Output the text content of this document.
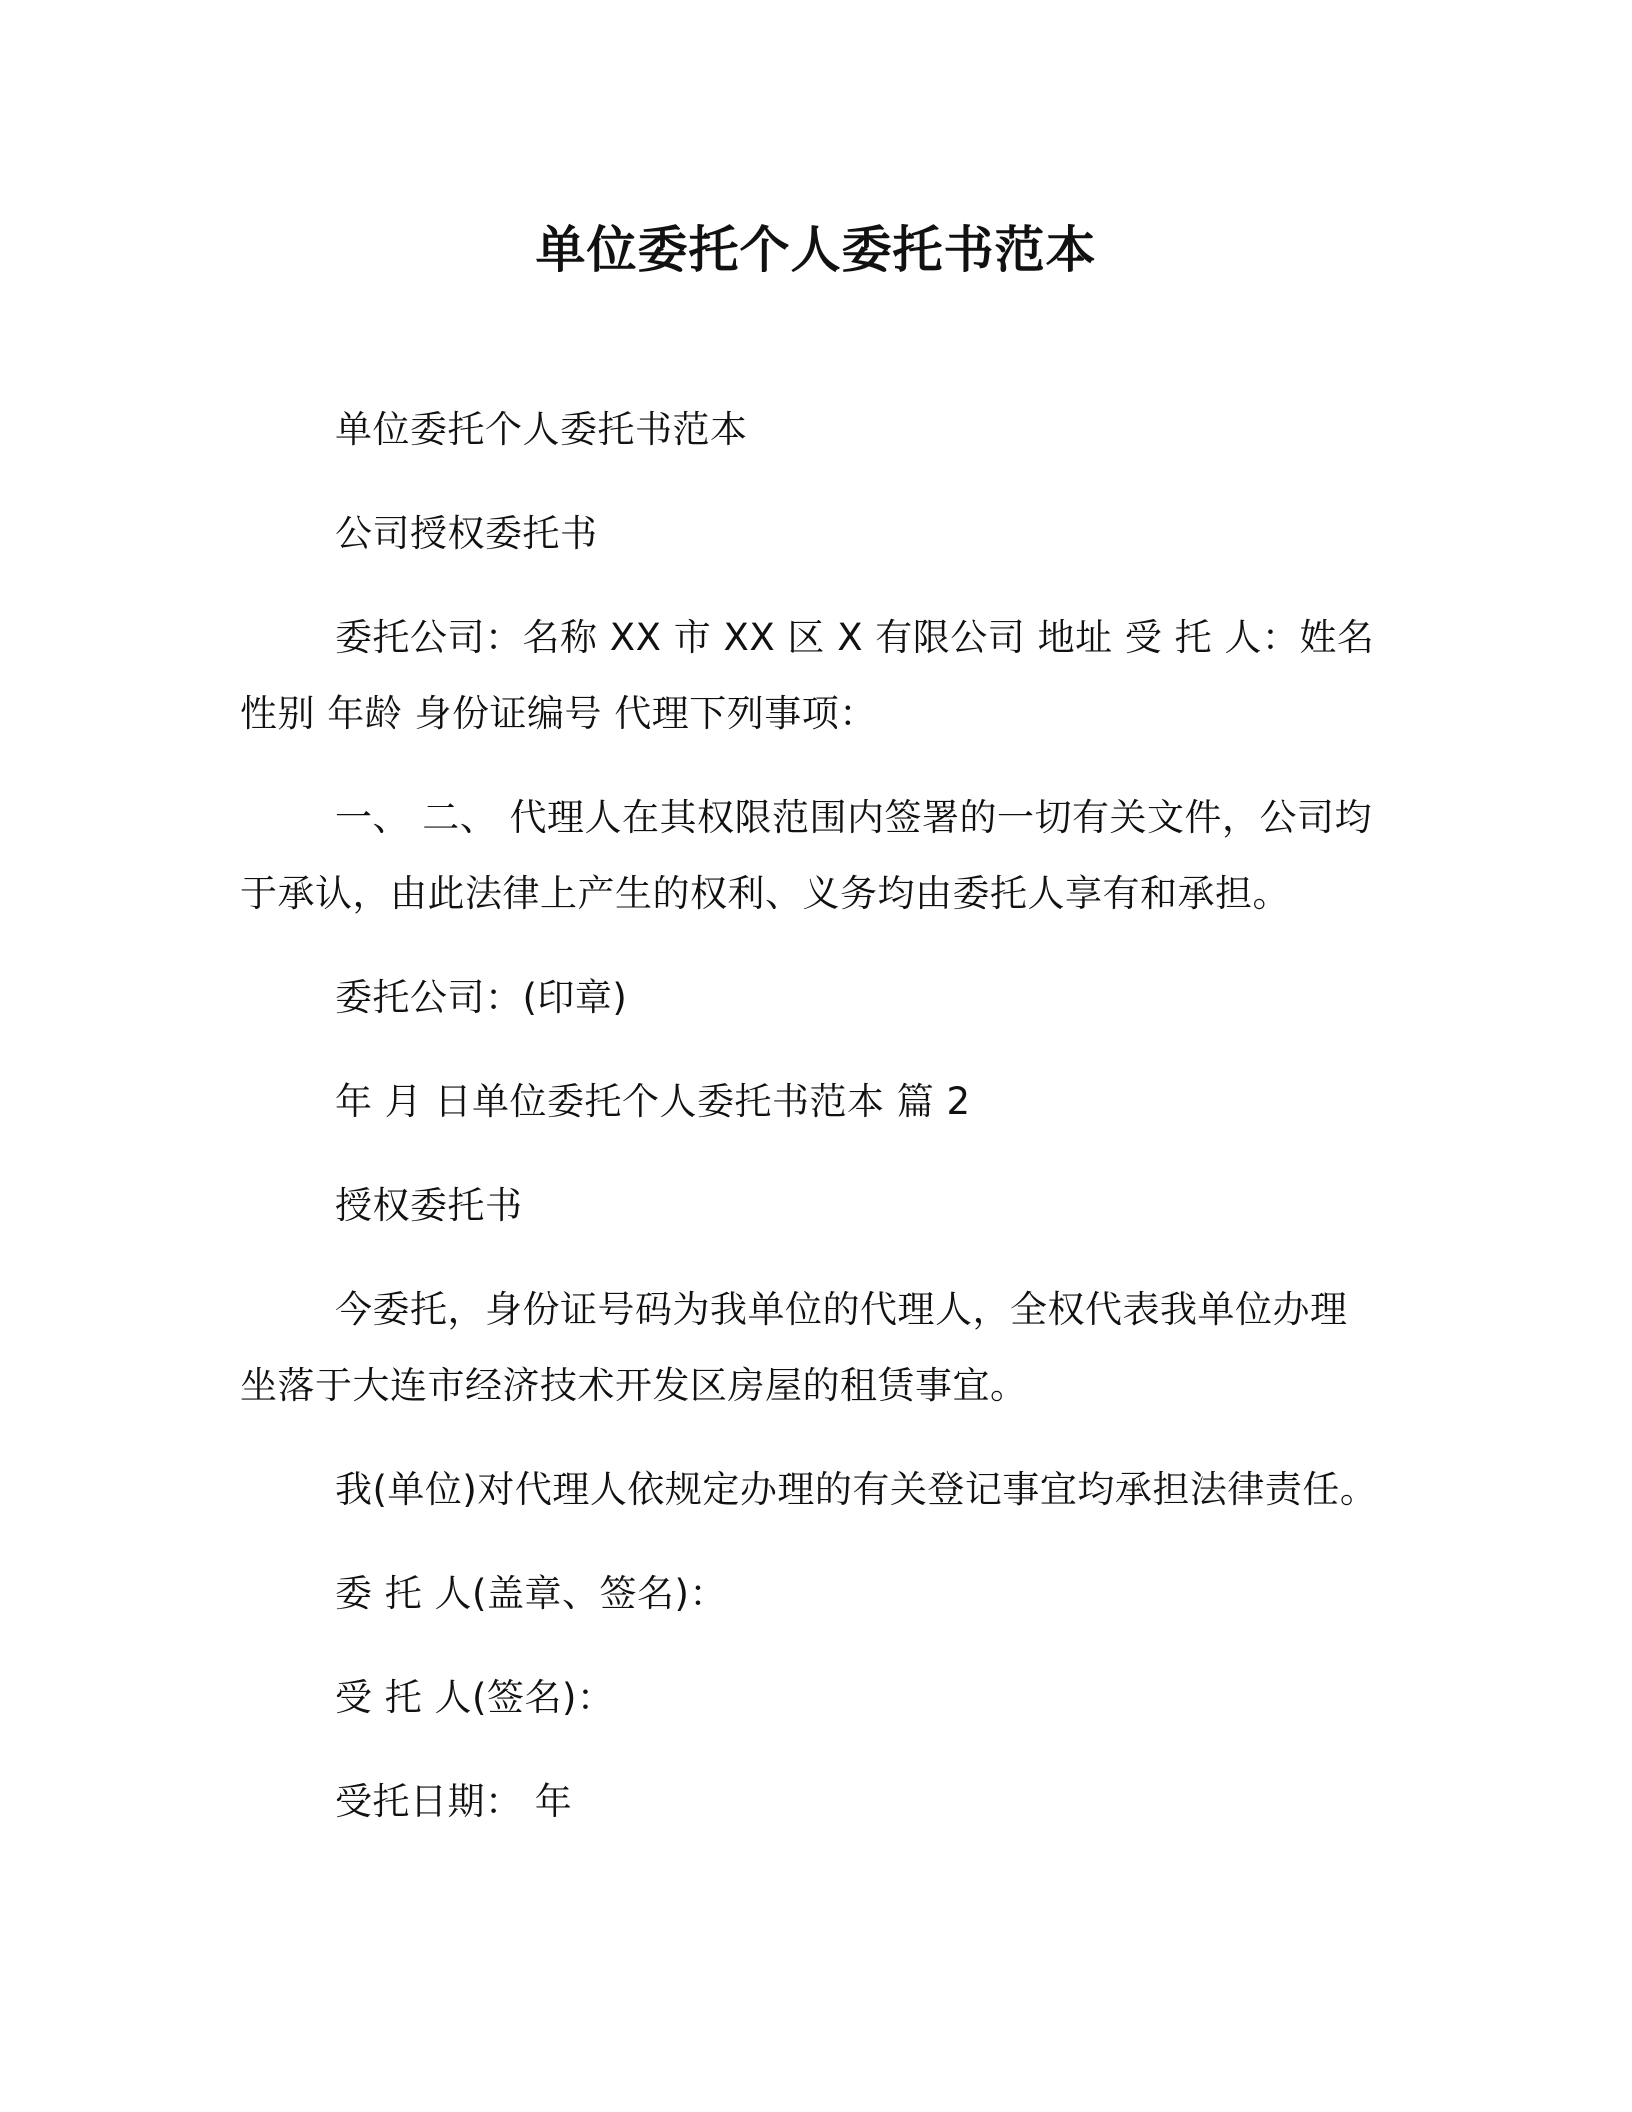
单位委托个人委托书范本

单位委托个人委托书范本

公司授权委托书

委托公司：名称 XX 市 XX 区 X 有限公司 地址 受 托 人：姓名 性别 年龄 身份证编号 代理下列事项：

一、 二、 代理人在其权限范围内签署的一切有关文件，公司均于承认，由此法律上产生的权利、义务均由委托人享有和承担。

委托公司：(印章)

年 月 日单位委托个人委托书范本 篇 2

授权委托书

今委托，身份证号码为我单位的代理人，全权代表我单位办理坐落于大连市经济技术开发区房屋的租赁事宜。

我(单位)对代理人依规定办理的有关登记事宜均承担法律责任。

委 托 人(盖章、签名)：

受 托 人(签名)：

受托日期： 年
